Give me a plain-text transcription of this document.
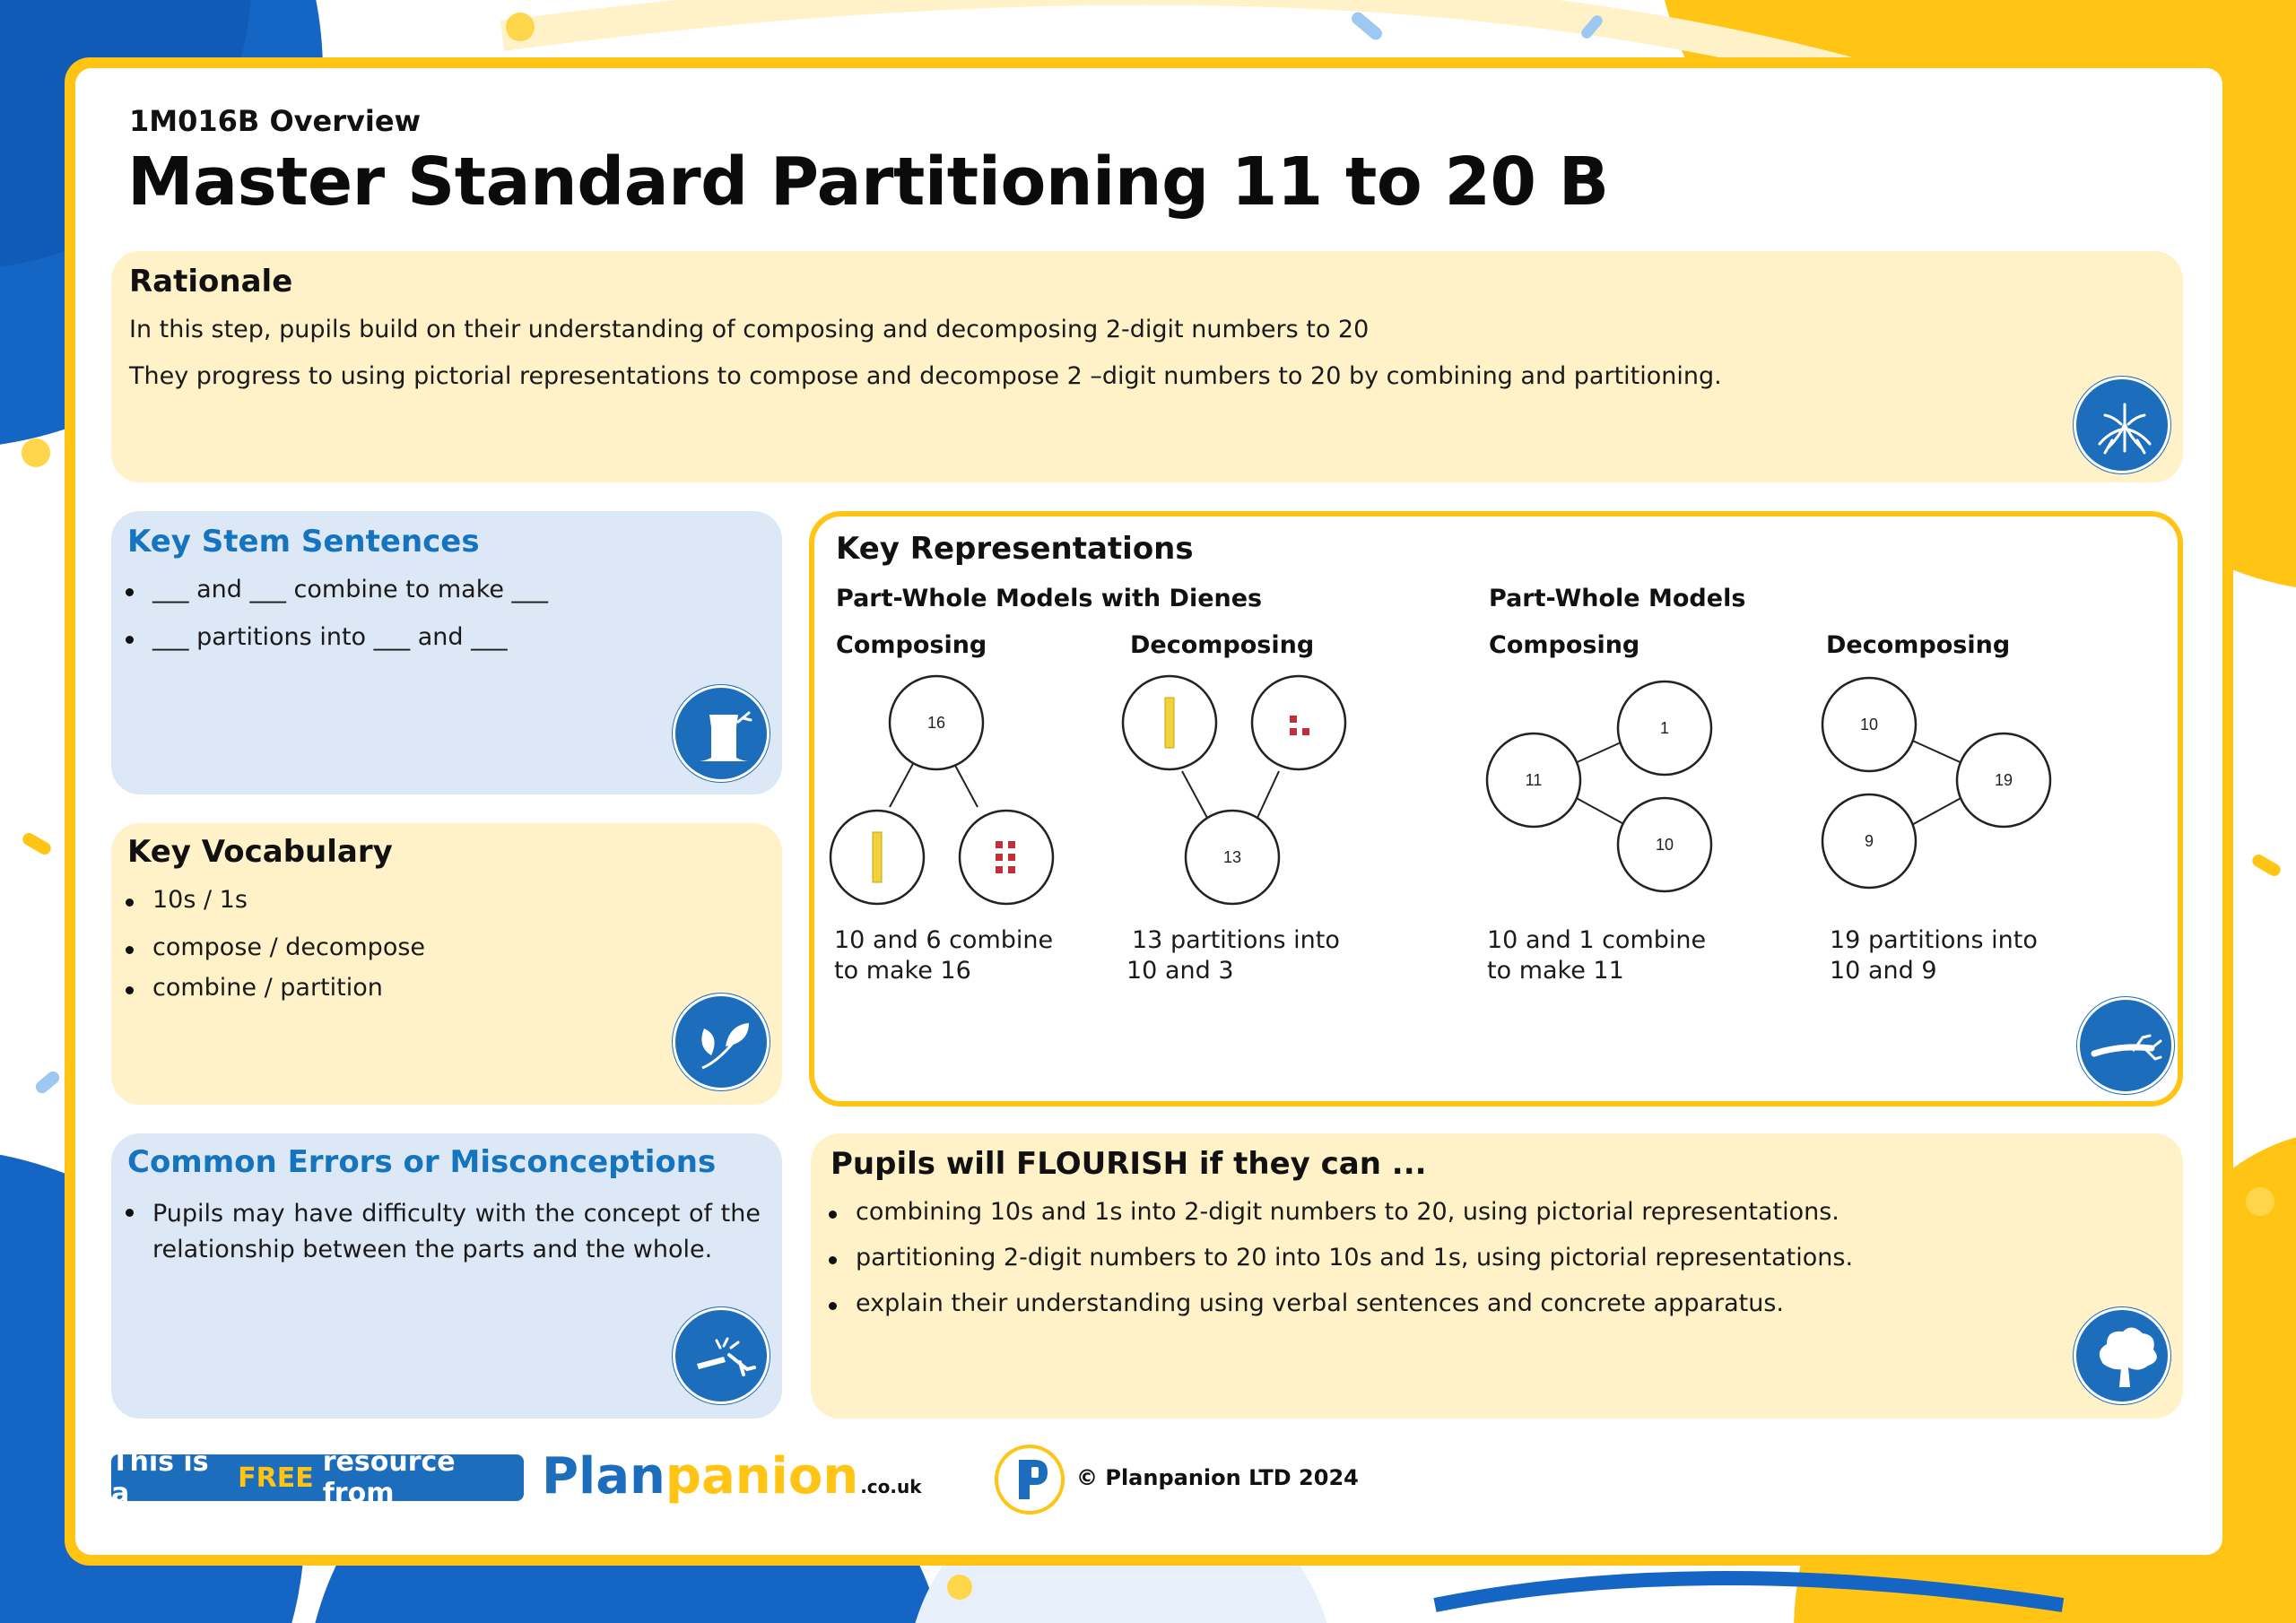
1M016B Overview
Master Standard Partitioning 11 to 20 B
Rationale
In this step, pupils build on their understanding of composing and decomposing 2-digit numbers to 20
They progress to using pictorial representations to compose and decompose 2 –digit numbers to 20 by combining and partitioning.
Key Stem Sentences
___ and ___ combine to make ___
___ partitions into ___ and ___
Key Vocabulary
10s / 1s
compose / decompose
combine / partition
Common Errors or Misconceptions
Pupils may have difficulty with the concept of the relationship between the parts and the whole.
Key Representations
Part-Whole Models with Dienes	Part-Whole Models
Composing	Decomposing	Composing	Decomposing
16
10 and 6 combine
to make 16
13
13 partitions into
10 and 3
1
11
10
10 and 1 combine
to make 11
10
19
9
19 partitions into
10 and 9
Pupils will FLOURISH if they can ...
combining 10s and 1s into 2-digit numbers to 20, using pictorial representations.
partitioning 2-digit numbers to 20 into 10s and 1s, using pictorial representations.
explain their understanding using verbal sentences and concrete apparatus.
This is a	FREE resource from	Plan panion .co.uk	© Planpanion LTD 2024
